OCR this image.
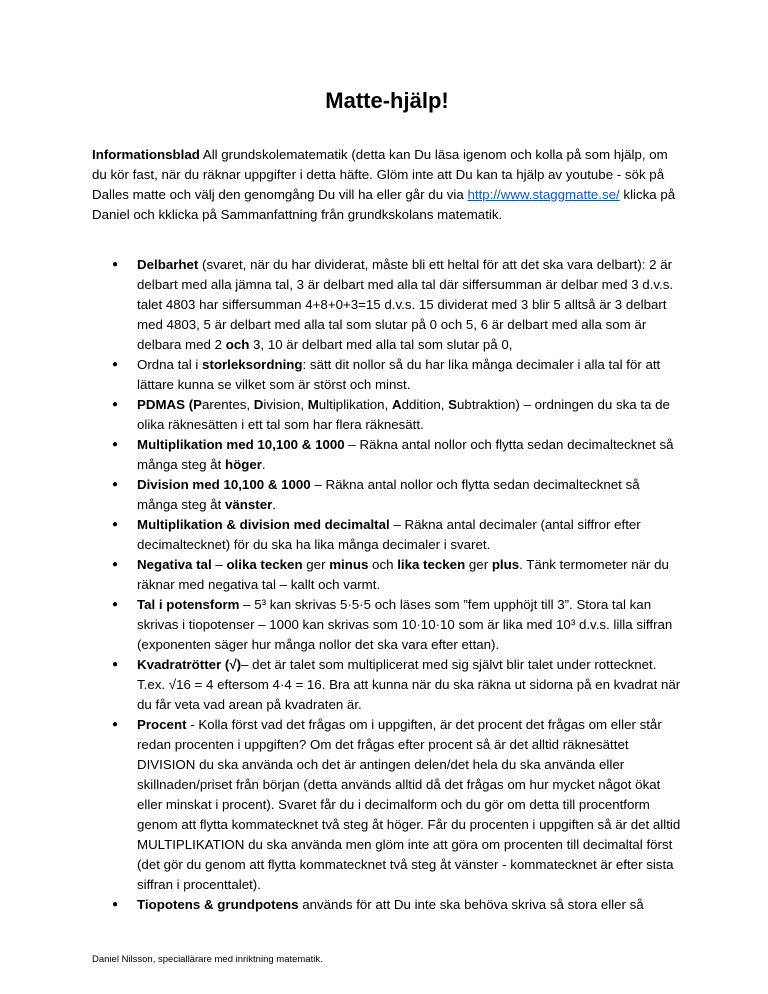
Matte-hjälp!

Informationsblad All grundskolematematik (detta kan Du läsa igenom och kolla på som hjälp, om du kör fast, när du räknar uppgifter i detta häfte. Glöm inte att Du kan ta hjälp av youtube - sök på Dalles matte och välj den genomgång Du vill ha eller går du via http://www.staggmatte.se/ klicka på Daniel och kklicka på Sammanfattning från grundkskolans matematik.

● Delbarhet (svaret, när du har dividerat, måste bli ett heltal för att det ska vara delbart): 2 är delbart med alla jämna tal, 3 är delbart med alla tal där siffersumman är delbar med 3 d.v.s. talet 4803 har siffersumman 4+8+0+3=15 d.v.s. 15 dividerat med 3 blir 5 alltså är 3 delbart med 4803, 5 är delbart med alla tal som slutar på 0 och 5, 6 är delbart med alla som är delbara med 2 och 3, 10 är delbart med alla tal som slutar på 0,
● Ordna tal i storleksordning: sätt dit nollor så du har lika många decimaler i alla tal för att lättare kunna se vilket som är störst och minst.
● PDMAS (Parentes, Division, Multiplikation, Addition, Subtraktion) – ordningen du ska ta de olika räknesätten i ett tal som har flera räknesätt.
● Multiplikation med 10,100 & 1000 – Räkna antal nollor och flytta sedan decimaltecknet så många steg åt höger.
● Division med 10,100 & 1000 – Räkna antal nollor och flytta sedan decimaltecknet så många steg åt vänster.
● Multiplikation & division med decimaltal – Räkna antal decimaler (antal siffror efter decimaltecknet) för du ska ha lika många decimaler i svaret.
● Negativa tal – olika tecken ger minus och lika tecken ger plus. Tänk termometer när du räknar med negativa tal – kallt och varmt.
● Tal i potensform – 5³ kan skrivas 5·5·5 och läses som ”fem upphöjt till 3”. Stora tal kan skrivas i tiopotenser – 1000 kan skrivas som 10·10·10 som är lika med 10³ d.v.s. lilla siffran (exponenten säger hur många nollor det ska vara efter ettan).
● Kvadratrötter (√)– det är talet som multiplicerat med sig självt blir talet under rottecknet. T.ex. √16 = 4 eftersom 4·4 = 16. Bra att kunna när du ska räkna ut sidorna på en kvadrat när du får veta vad arean på kvadraten är.
● Procent - Kolla först vad det frågas om i uppgiften, är det procent det frågas om eller står redan procenten i uppgiften? Om det frågas efter procent så är det alltid räknesättet DIVISION du ska använda och det är antingen delen/det hela du ska använda eller skillnaden/priset från början (detta används alltid då det frågas om hur mycket något ökat eller minskat i procent). Svaret får du i decimalform och du gör om detta till procentform genom att flytta kommatecknet två steg åt höger. Får du procenten i uppgiften så är det alltid MULTIPLIKATION du ska använda men glöm inte att göra om procenten till decimaltal först (det gör du genom att flytta kommatecknet två steg åt vänster - kommatecknet är efter sista siffran i procenttalet).
● Tiopotens & grundpotens används för att Du inte ska behöva skriva så stora eller så
Daniel Nilsson, speciallärare med inriktning matematik.
